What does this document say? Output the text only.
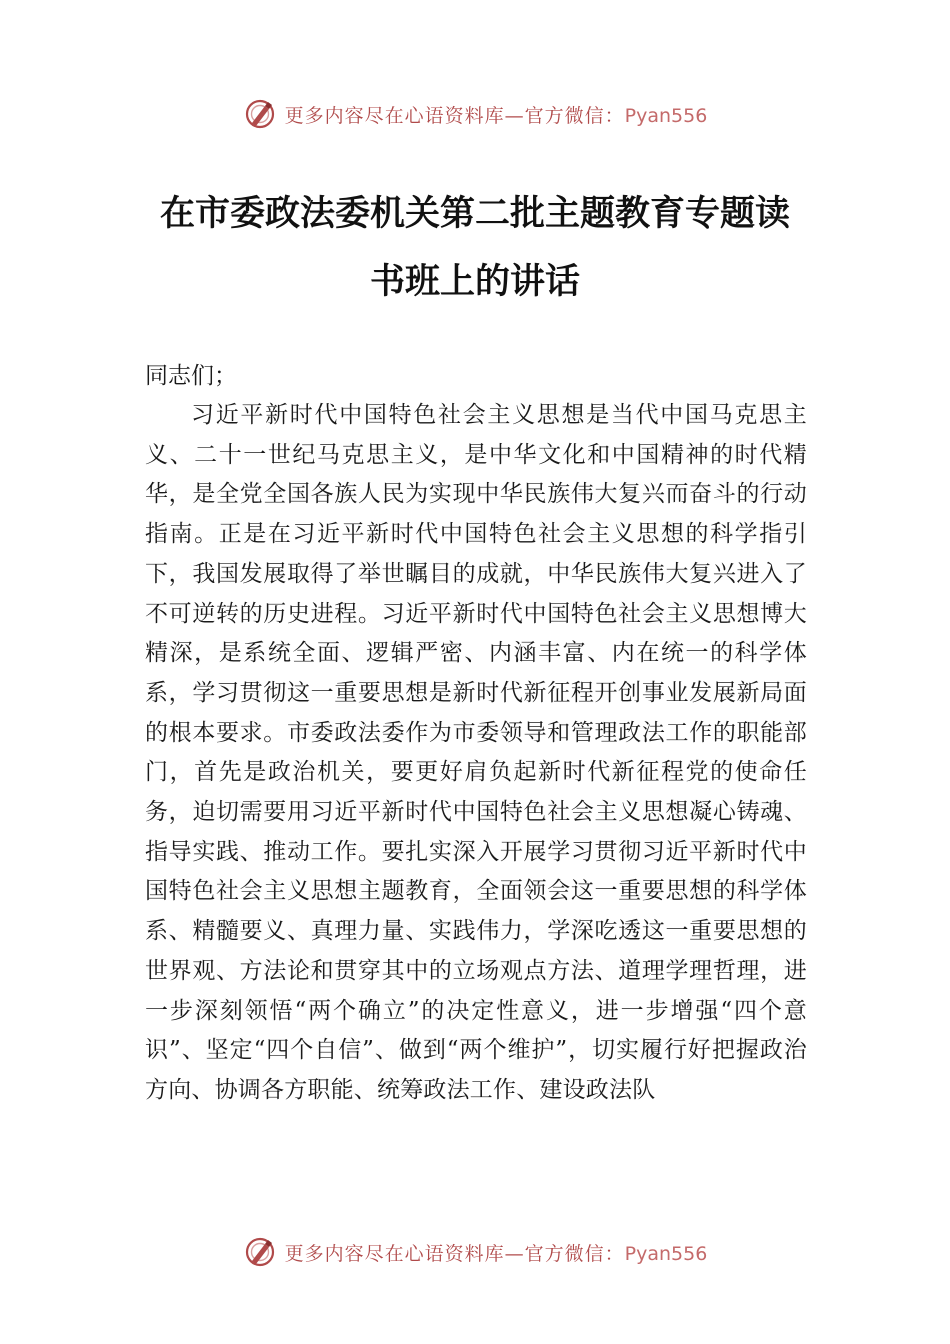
更多内容尽在心语资料库—官方微信：Pyan556
在市委政法委机关第二批主题教育专题读书班上的讲话

同志们；

习近平新时代中国特色社会主义思想是当代中国马克思主义、二十一世纪马克思主义，是中华文化和中国精神的时代精华，是全党全国各族人民为实现中华民族伟大复兴而奋斗的行动指南。正是在习近平新时代中国特色社会主义思想的科学指引下，我国发展取得了举世瞩目的成就，中华民族伟大复兴进入了不可逆转的历史进程。习近平新时代中国特色社会主义思想博大精深，是系统全面、逻辑严密、内涵丰富、内在统一的科学体系，学习贯彻这一重要思想是新时代新征程开创事业发展新局面的根本要求。市委政法委作为市委领导和管理政法工作的职能部门，首先是政治机关，要更好肩负起新时代新征程党的使命任务，迫切需要用习近平新时代中国特色社会主义思想凝心铸魂、指导实践、推动工作。要扎实深入开展学习贯彻习近平新时代中国特色社会主义思想主题教育，全面领会这一重要思想的科学体系、精髓要义、真理力量、实践伟力，学深吃透这一重要思想的世界观、方法论和贯穿其中的立场观点方法、道理学理哲理，进一步深刻领悟“两个确立”的决定性意义，进一步增强“四个意识”、坚定“四个自信”、做到“两个维护”，切实履行好把握政治方向、协调各方职能、统筹政法工作、建设政法队

更多内容尽在心语资料库—官方微信：Pyan556
